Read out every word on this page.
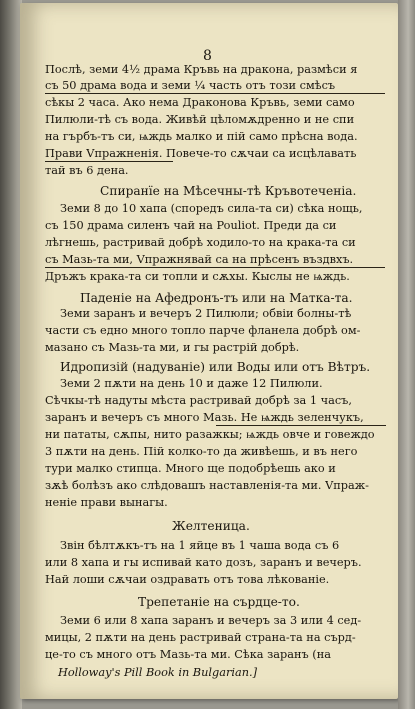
8
Послѣ, земи 4½ драма Кръвь на дракона, размѣси я
съ 50 драма вода и земи ¼ часть отъ този смѣсъ
сѣкы 2 часа. Ако нема Драконова Кръвь, земи само
Пилюли-тѣ съ вода. Живѣй цѣломѫдренно и не спи
на гърбъ-тъ си, ѩждь малко и пій само прѣсна вода.
Прави Vпражненія. Повече-то сѫчаи са исцѣлавать
тай въ 6 дена.
Спиранїе на Мѣсечны-тѣ Кръвотеченіа.
Земи 8 до 10 хапа (споредъ сила-та си) сѣка нощь,
съ 150 драма силенъ чай на Pouliot. Преди да си
лѣгнешь, растривай добрѣ ходило-то на крака-та си
съ Мазь-та ми, Vпражнявай са на прѣсенъ въздвхъ.
Дръжъ крака-та си топли и сѫхы. Кыслы не ѩждь.
Паденіе на Афедронъ-тъ или на Матка-та.
Земи заранъ и вечеръ 2 Пилюли; обвіи болны-тѣ
части съ едно много топло парче фланела добрѣ ом-
мазано съ Мазь-та ми, и гы растрій добрѣ.
Идропизій (надуваніе) или Воды или отъ Вѣтръ.
Земи 2 пѫти на день 10 и даже 12 Пилюли.
Сѣчкы-тѣ надуты мѣста растривай добрѣ за 1 часъ,
заранъ и вечеръ съ много Мазь. Не ѩждь зеленчукъ,
ни пататы, сѫпы, нито разажкы; ѩждь овче и говеждо
3 пѫти на день. Пій колко-то да живѣешь, и въ него
тури малко стипца. Много ще подобрѣешь ако и
зѫѣ болѣзъ ако слѣдовашъ наставленія-та ми. Vпраж-
неніе прави вынагы.
Желтеница.
Звін бѣлтѫкъ-тъ на 1 яйце въ 1 чаша вода съ 6
или 8 хапа и гы испивай като дозъ, заранъ и вечеръ.
Най лоши сѫчаи оздравать отъ това лѣкованіе.
Трепетаніе на сърдце-то.
Земи 6 или 8 хапа заранъ и вечеръ за 3 или 4 сед-
мицы, 2 пѫти на день растривай страна-та на сърд-
це-то съ много отъ Мазь-та ми. Сѣка заранъ (на
Holloway's Pill Book in Bulgarian.]
